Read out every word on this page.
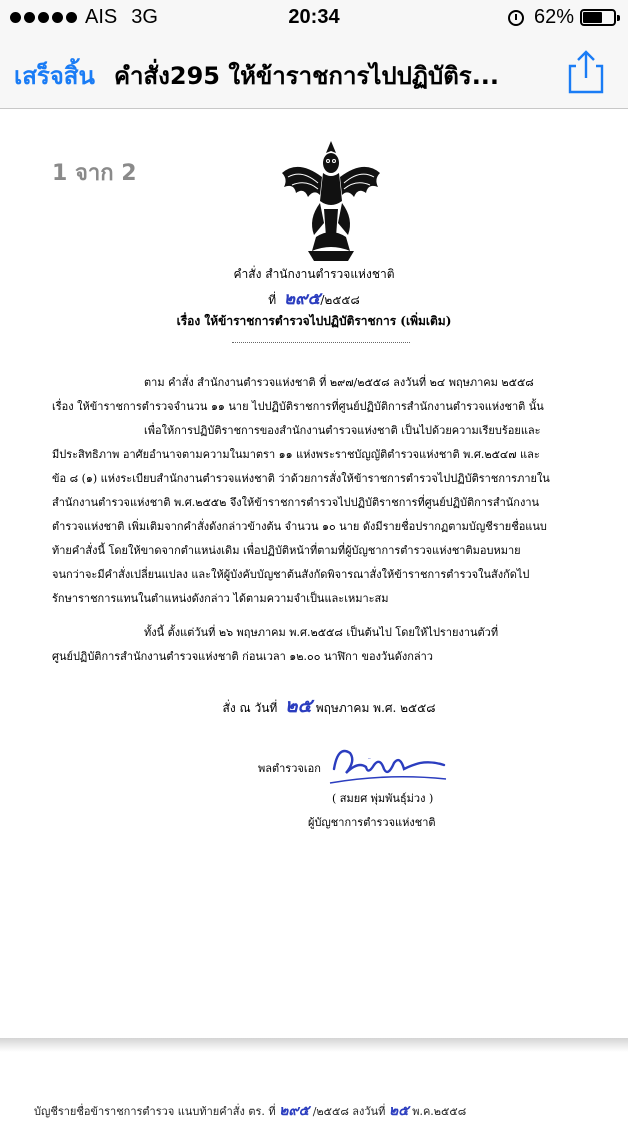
AIS 3G	20:34	62%
เสร็จสิ้น คำสั่ง295 ให้ข้าราชการไปปฏิบัติร...
1 จาก 2
คำสั่ง สำนักงานตำรวจแห่งชาติ
ที่ ๒๙๕/๒๕๕๘
เรื่อง ให้ข้าราชการตำรวจไปปฏิบัติราชการ (เพิ่มเติม)
ตาม คำสั่ง สำนักงานตำรวจแห่งชาติ ที่ ๒๙๗/๒๕๕๘ ลงวันที่ ๒๔ พฤษภาคม ๒๕๕๘
เรื่อง ให้ข้าราชการตำรวจจำนวน ๑๑ นาย ไปปฏิบัติราชการที่ศูนย์ปฏิบัติการสำนักงานตำรวจแห่งชาติ นั้น
เพื่อให้การปฏิบัติราชการของสำนักงานตำรวจแห่งชาติ เป็นไปด้วยความเรียบร้อยและ
มีประสิทธิภาพ อาศัยอำนาจตามความในมาตรา ๑๑ แห่งพระราชบัญญัติตำรวจแห่งชาติ พ.ศ.๒๕๔๗ และ
ข้อ ๘ (๑) แห่งระเบียบสำนักงานตำรวจแห่งชาติ ว่าด้วยการสั่งให้ข้าราชการตำรวจไปปฏิบัติราชการภายใน
สำนักงานตำรวจแห่งชาติ พ.ศ.๒๕๕๒ จึงให้ข้าราชการตำรวจไปปฏิบัติราชการที่ศูนย์ปฏิบัติการสำนักงาน
ตำรวจแห่งชาติ เพิ่มเติมจากคำสั่งดังกล่าวข้างต้น จำนวน ๑๐ นาย ดังมีรายชื่อปรากฏตามบัญชีรายชื่อแนบ
ท้ายคำสั่งนี้ โดยให้ขาดจากตำแหน่งเดิม เพื่อปฏิบัติหน้าที่ตามที่ผู้บัญชาการตำรวจแห่งชาติมอบหมาย
จนกว่าจะมีคำสั่งเปลี่ยนแปลง และให้ผู้บังคับบัญชาต้นสังกัดพิจารณาสั่งให้ข้าราชการตำรวจในสังกัดไป
รักษาราชการแทนในตำแหน่งดังกล่าว ได้ตามความจำเป็นและเหมาะสม
ทั้งนี้ ตั้งแต่วันที่ ๒๖ พฤษภาคม พ.ศ.๒๕๕๘ เป็นต้นไป โดยให้ไปรายงานตัวที่
ศูนย์ปฏิบัติการสำนักงานตำรวจแห่งชาติ ก่อนเวลา ๑๒.๐๐ นาฬิกา ของวันดังกล่าว
สั่ง ณ วันที่ ๒๕ พฤษภาคม พ.ศ. ๒๕๕๘
พลตำรวจเอก
สมยศ
( สมยศ พุ่มพันธุ์ม่วง )
ผู้บัญชาการตำรวจแห่งชาติ
บัญชีรายชื่อข้าราชการตำรวจ แนบท้ายคำสั่ง ตร. ที่ ๒๙๕ /๒๕๕๘ ลงวันที่ ๒๕ พ.ค.๒๕๕๘
